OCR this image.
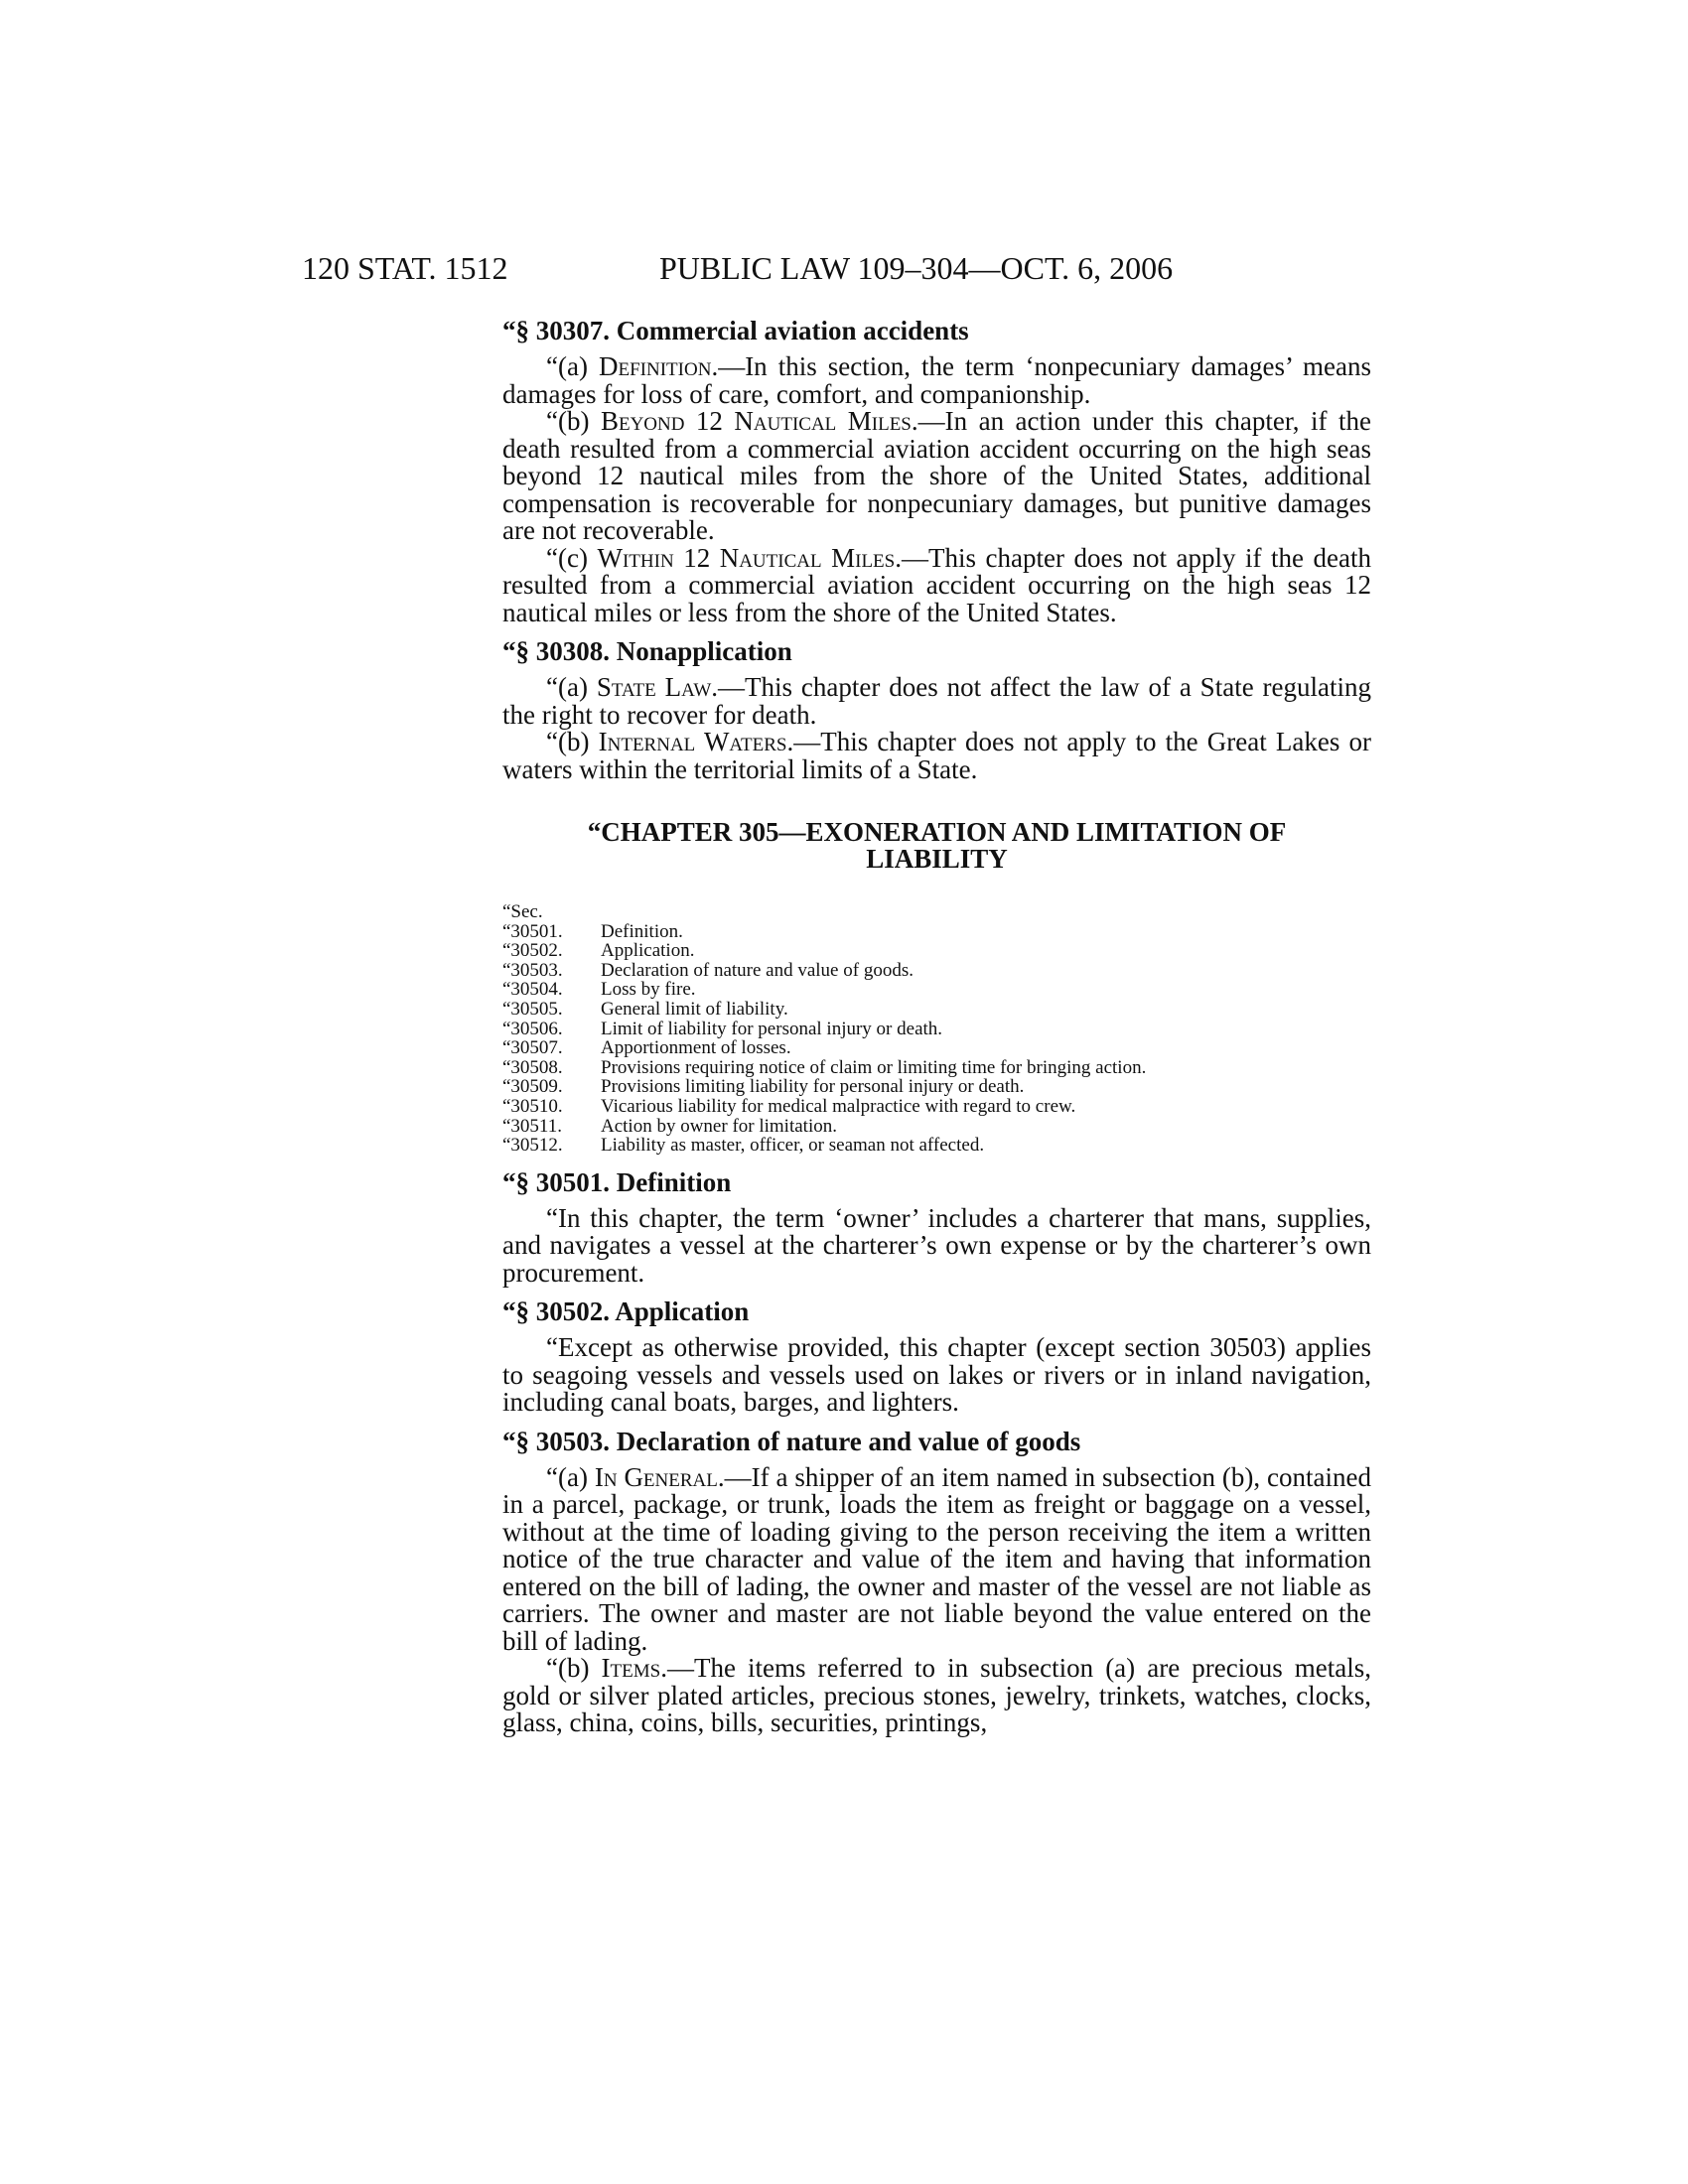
120 STAT. 1512	PUBLIC LAW 109–304—OCT. 6, 2006
“§ 30307. Commercial aviation accidents

“(a) Definition.—In this section, the term ‘nonpecuniary damages’ means damages for loss of care, comfort, and companionship.

“(b) Beyond 12 Nautical Miles.—In an action under this chapter, if the death resulted from a commercial aviation accident occurring on the high seas beyond 12 nautical miles from the shore of the United States, additional compensation is recoverable for nonpecuniary damages, but punitive damages are not recoverable.

“(c) Within 12 Nautical Miles.—This chapter does not apply if the death resulted from a commercial aviation accident occurring on the high seas 12 nautical miles or less from the shore of the United States.

“§ 30308. Nonapplication

“(a) State Law.—This chapter does not affect the law of a State regulating the right to recover for death.

“(b) Internal Waters.—This chapter does not apply to the Great Lakes or waters within the territorial limits of a State.

“CHAPTER 305—EXONERATION AND LIMITATION OF
LIABILITY
“Sec.
“30501.	Definition.
“30502.	Application.
“30503.	Declaration of nature and value of goods.
“30504.	Loss by fire.
“30505.	General limit of liability.
“30506.	Limit of liability for personal injury or death.
“30507.	Apportionment of losses.
“30508.	Provisions requiring notice of claim or limiting time for bringing action.
“30509.	Provisions limiting liability for personal injury or death.
“30510.	Vicarious liability for medical malpractice with regard to crew.
“30511.	Action by owner for limitation.
“30512.	Liability as master, officer, or seaman not affected.
“§ 30501. Definition

“In this chapter, the term ‘owner’ includes a charterer that mans, supplies, and navigates a vessel at the charterer’s own expense or by the charterer’s own procurement.

“§ 30502. Application

“Except as otherwise provided, this chapter (except section 30503) applies to seagoing vessels and vessels used on lakes or rivers or in inland navigation, including canal boats, barges, and lighters.

“§ 30503. Declaration of nature and value of goods

“(a) In General.—If a shipper of an item named in subsection (b), contained in a parcel, package, or trunk, loads the item as freight or baggage on a vessel, without at the time of loading giving to the person receiving the item a written notice of the true character and value of the item and having that information entered on the bill of lading, the owner and master of the vessel are not liable as carriers. The owner and master are not liable beyond the value entered on the bill of lading.

“(b) Items.—The items referred to in subsection (a) are precious metals, gold or silver plated articles, precious stones, jewelry, trinkets, watches, clocks, glass, china, coins, bills, securities, printings,
